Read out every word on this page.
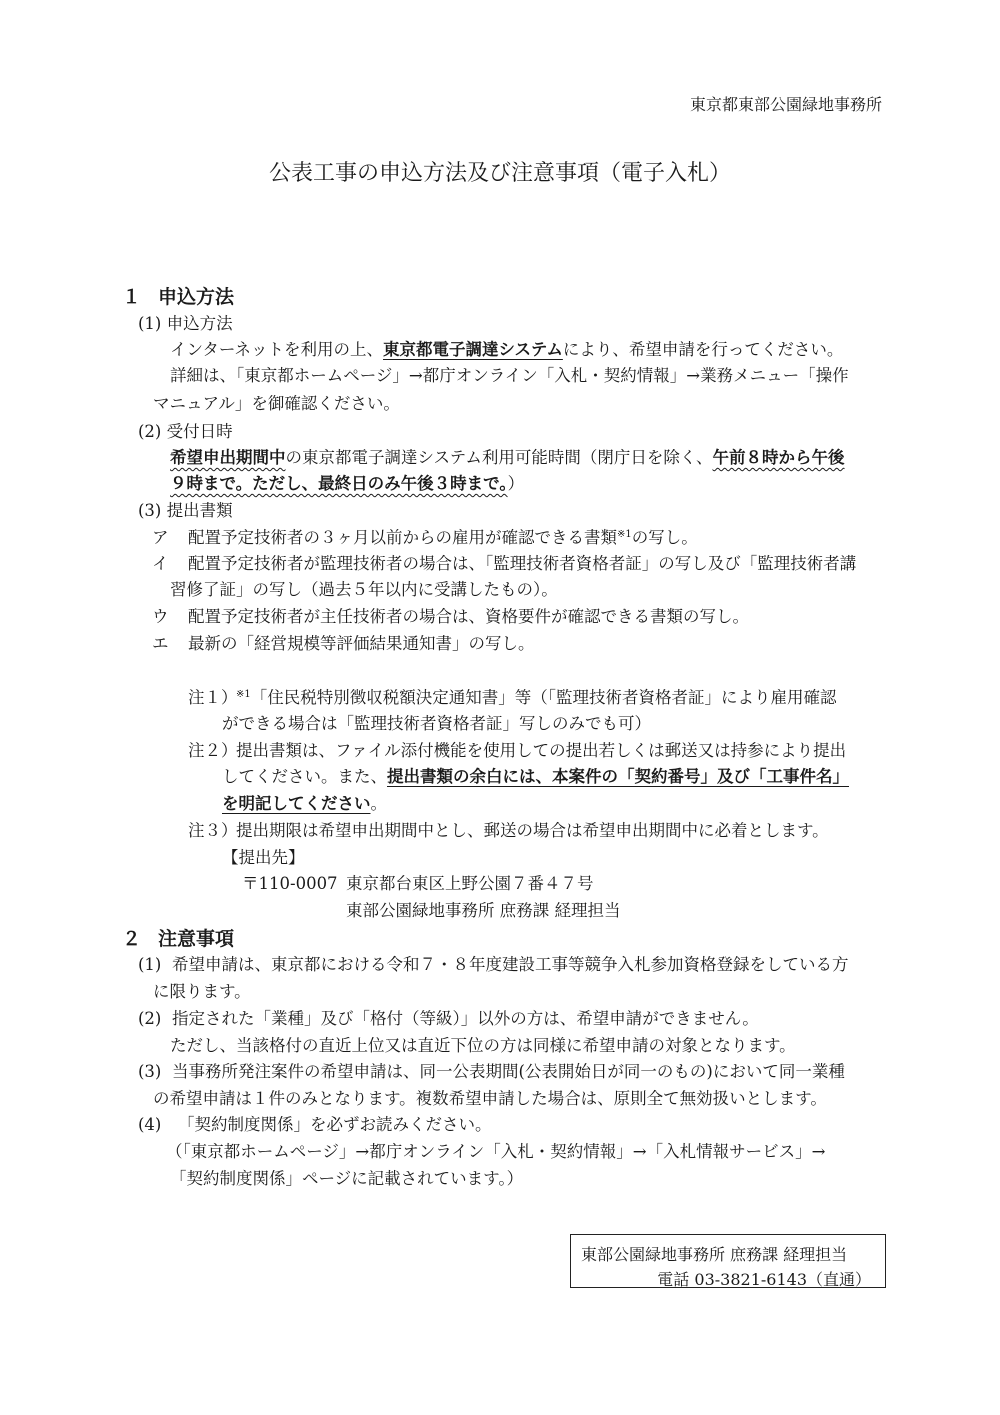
東京都東部公園緑地事務所
公表工事の申込方法及び注意事項（電子入札）
１ 申込方法
(1) 申込方法
インターネットを利用の上、東京都電子調達システムにより、希望申請を行ってください。
詳細は、「東京都ホームページ」→都庁オンライン「入札・契約情報」→業務メニュー「操作
マニュアル」を御確認ください。
(2) 受付日時
希望申出期間中の東京都電子調達システム利用可能時間（閉庁日を除く、午前８時から午後
９時まで。ただし、最終日のみ午後３時まで。）
(3) 提出書類
ア 配置予定技術者の３ヶ月以前からの雇用が確認できる書類$^{※1}$の写し。
イ 配置予定技術者が監理技術者の場合は、「監理技術者資格者証」の写し及び「監理技術者講
習修了証」の写し（過去５年以内に受講したもの）。
ウ 配置予定技術者が主任技術者の場合は、資格要件が確認できる書類の写し。
エ 最新の「経営規模等評価結果通知書」の写し。
注１）
$^{※1}$「住民税特別徴収税額決定通知書」等（「監理技術者資格者証」により雇用確認
ができる場合は「監理技術者資格者証」写しのみでも可）
注２）
提出書類は、ファイル添付機能を使用しての提出若しくは郵送又は持参により提出
してください。また、提出書類の余白には、本案件の「契約番号」及び「工事件名」
を明記してください。
注３）
提出期限は希望申出期間中とし、郵送の場合は希望申出期間中に必着とします。
【提出先】
〒110-0007 東京都台東区上野公園７番４７号
東部公園緑地事務所 庶務課 経理担当
２ 注意事項
(1) 希望申請は、東京都における令和７・８年度建設工事等競争入札参加資格登録をしている方
に限ります。
(2) 指定された「業種」及び「格付（等級）」以外の方は、希望申請ができません。
ただし、当該格付の直近上位又は直近下位の方は同様に希望申請の対象となります。
(3) 当事務所発注案件の希望申請は、同一公表期間(公表開始日が同一のもの)において同一業種
の希望申請は１件のみとなります。複数希望申請した場合は、原則全て無効扱いとします。
(4) 「契約制度関係」を必ずお読みください。
（「東京都ホームページ」→都庁オンライン「入札・契約情報」→「入札情報サービス」→
「契約制度関係」ページに記載されています。）
東部公園緑地事務所 庶務課 経理担当
電話 03-3821-6143（直通）
